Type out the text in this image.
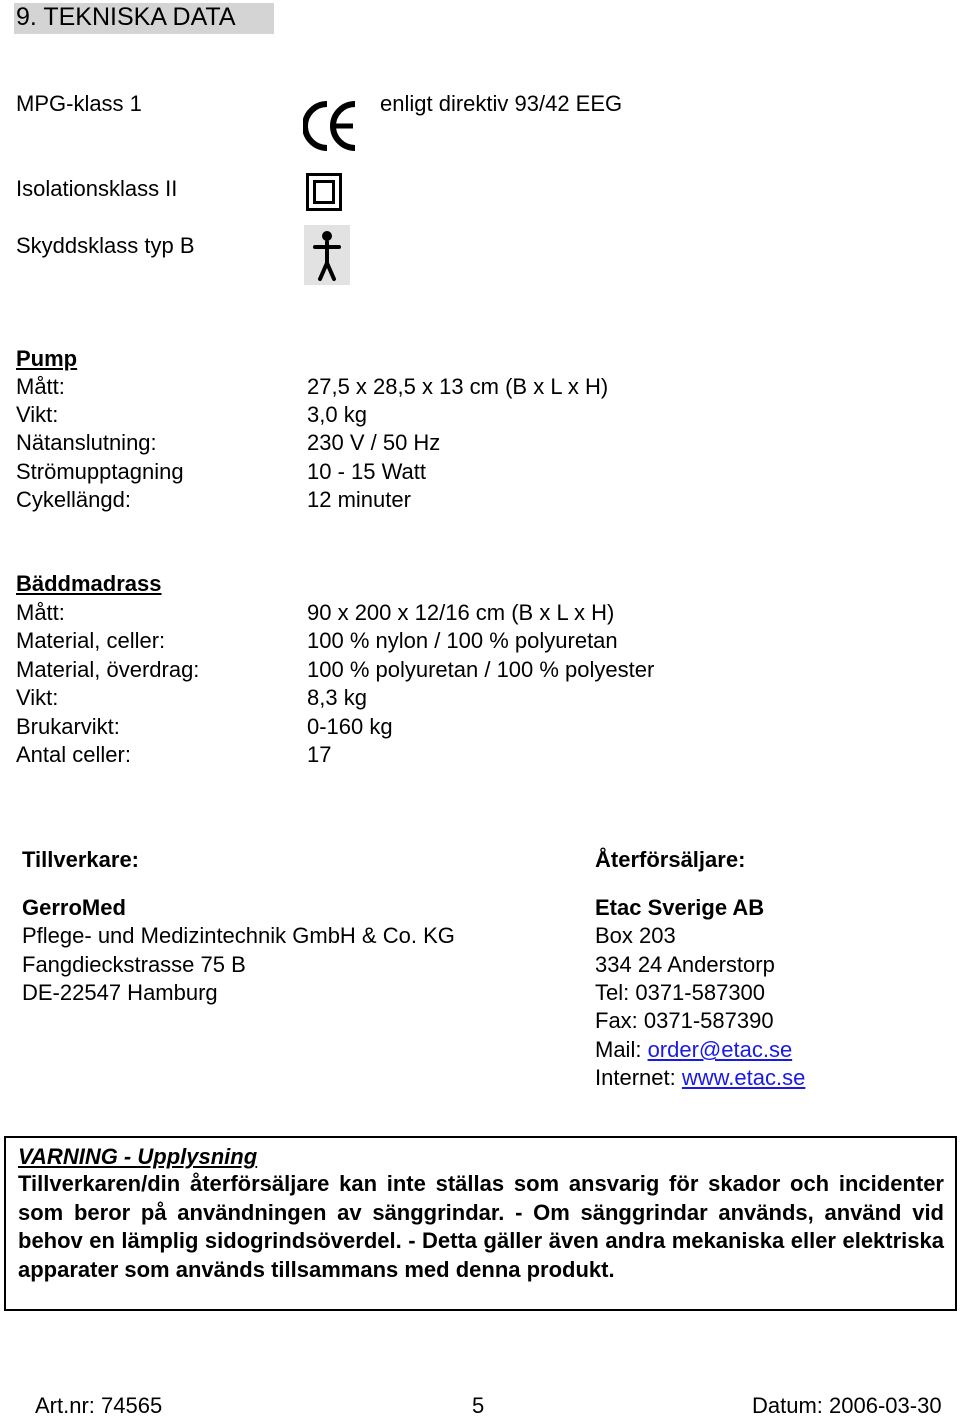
9. TEKNISKA DATA
MPG-klass 1	enligt direktiv 93/42 EEG
Isolationsklass II
Skyddsklass typ B
Pump
Mått:	27,5 x 28,5 x 13 cm (B x L x H)
Vikt:	3,0 kg
Nätanslutning:	230 V / 50 Hz
Strömupptagning	10 - 15 Watt
Cykellängd:	12 minuter
Bäddmadrass
Mått:	90 x 200 x 12/16 cm (B x L x H)
Material, celler:	100 % nylon / 100 % polyuretan
Material, överdrag:	100 % polyuretan / 100 % polyester
Vikt:	8,3 kg
Brukarvikt:	0-160 kg
Antal celler:	17
Tillverkare:
GerroMed
Pflege- und Medizintechnik GmbH & Co. KG
Fangdieckstrasse 75 B
DE-22547 Hamburg
Återförsäljare:
Etac Sverige AB
Box 203
334 24 Anderstorp
Tel: 0371-587300
Fax: 0371-587390
Mail: order@etac.se
Internet: www.etac.se
VARNING - Upplysning
Tillverkaren/din återförsäljare kan inte ställas som ansvarig för skador och incidenter som beror på användningen av sänggrindar. - Om sänggrindar används, använd vid behov en lämplig sidogrindsöverdel. - Detta gäller även andra mekaniska eller elektriska apparater som används tillsammans med denna produkt.
Art.nr: 74565	5	Datum: 2006-03-30
